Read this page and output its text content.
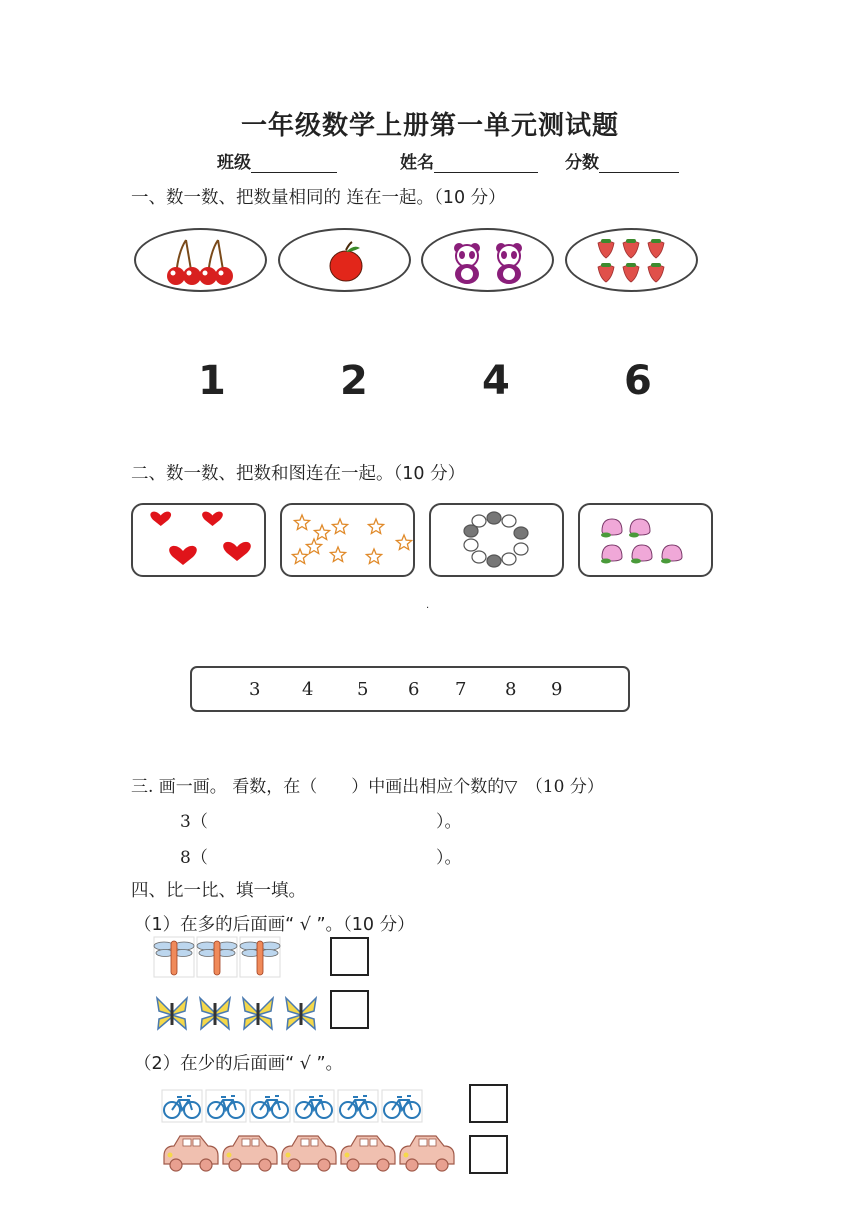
一年级数学上册第一单元测试题
班级	姓名	分数
一、数一数、把数量相同的 连在一起。（10 分）
1	2	4	6
二、数一数、把数和图连在一起。（10 分）
·
3 4 5 6 7 8 9
三. 画一画。 看数，在（　　）中画出相应个数的▽　（10 分）
3（	）。
8（	）。
四、比一比、填一填。
（1）在多的后面画“ √ ”。（10 分）
（2）在少的后面画“ √ ”。
